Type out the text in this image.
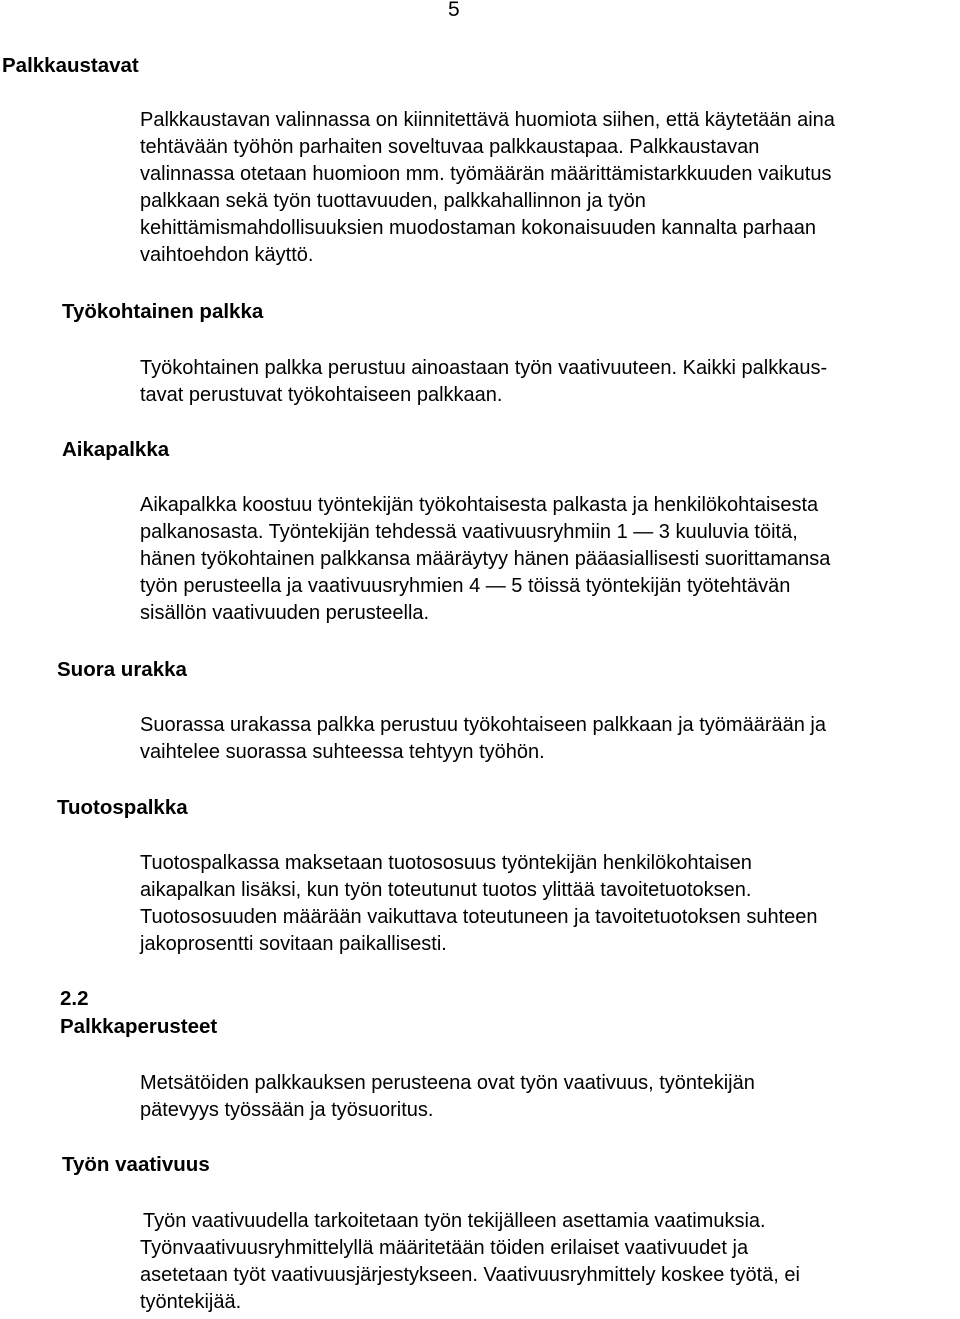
5
Palkkaustavat
Palkkaustavan valinnassa on kiinnitettävä huomiota siihen, että käytetään aina
tehtävään työhön parhaiten soveltuvaa palkkaustapaa. Palkkaustavan
valinnassa otetaan huomioon mm. työmäärän määrittämistarkkuuden vaikutus
palkkaan sekä työn tuottavuuden, palkkahallinnon ja työn
kehittämismahdollisuuksien muodostaman kokonaisuuden kannalta parhaan
vaihtoehdon käyttö.
Työkohtainen palkka
Työkohtainen palkka perustuu ainoastaan työn vaativuuteen. Kaikki palkkaus-
tavat perustuvat työkohtaiseen palkkaan.
Aikapalkka
Aikapalkka koostuu työntekijän työkohtaisesta palkasta ja henkilökohtaisesta
palkanosasta. Työntekijän tehdessä vaativuusryhmiin 1 — 3 kuuluvia töitä,
hänen työkohtainen palkkansa määräytyy hänen pääasiallisesti suorittamansa
työn perusteella ja vaativuusryhmien 4 — 5 töissä työntekijän työtehtävän
sisällön vaativuuden perusteella.
Suora urakka
Suorassa urakassa palkka perustuu työkohtaiseen palkkaan ja työmäärään ja
vaihtelee suorassa suhteessa tehtyyn työhön.
Tuotospalkka
Tuotospalkassa maksetaan tuotososuus työntekijän henkilökohtaisen
aikapalkan lisäksi, kun työn toteutunut tuotos ylittää tavoitetuotoksen.
Tuotososuuden määrään vaikuttava toteutuneen ja tavoitetuotoksen suhteen
jakoprosentti sovitaan paikallisesti.
2.2
Palkkaperusteet
Metsätöiden palkkauksen perusteena ovat työn vaativuus, työntekijän
pätevyys työssään ja työsuoritus.
Työn vaativuus
Työn vaativuudella tarkoitetaan työn tekijälleen asettamia vaatimuksia.
Työnvaativuusryhmittelyllä määritetään töiden erilaiset vaativuudet ja
asetetaan työt vaativuusjärjestykseen. Vaativuusryhmittely koskee työtä, ei
työntekijää.
